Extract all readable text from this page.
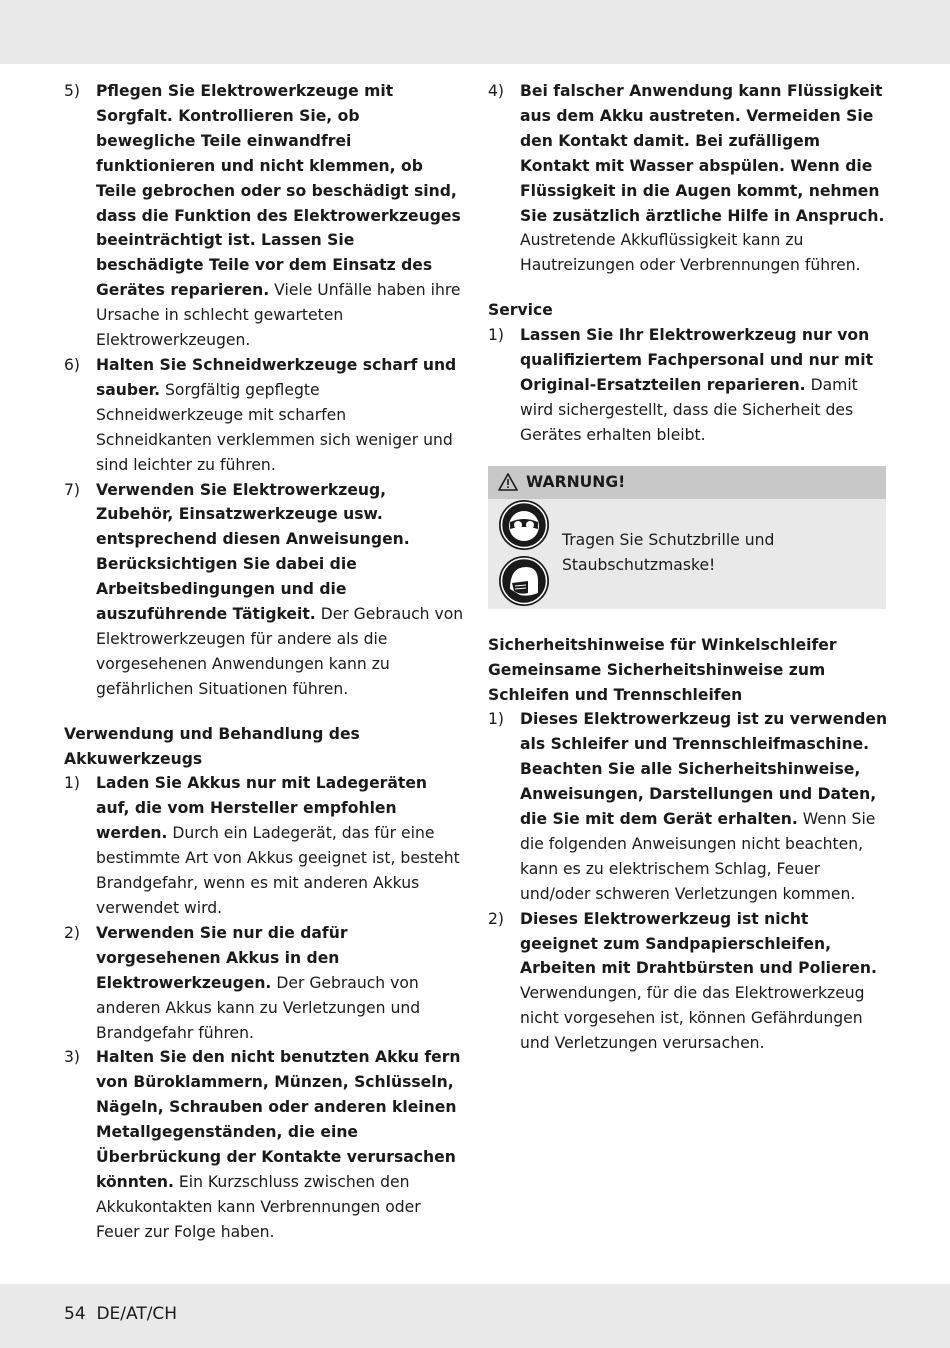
5)	Pflegen Sie Elektrowerkzeuge mit Sorgfalt. Kontrollieren Sie, ob bewegliche Teile einwandfrei funktionieren und nicht klemmen, ob Teile gebrochen oder so beschädigt sind, dass die Funktion des Elektrowerkzeuges beeinträchtigt ist. Lassen Sie beschädigte Teile vor dem Einsatz des Gerätes reparieren. Viele Unfälle haben ihre Ursache in schlecht gewarteten Elektrowerkzeugen.
6)	Halten Sie Schneidwerkzeuge scharf und sauber. Sorgfältig gepflegte Schneidwerkzeuge mit scharfen Schneidkanten verklemmen sich weniger und sind leichter zu führen.
7)	Verwenden Sie Elektrowerkzeug, Zubehör, Einsatzwerkzeuge usw. entsprechend diesen Anweisungen. Berücksichtigen Sie dabei die Arbeitsbedingungen und die auszuführende Tätigkeit. Der Gebrauch von Elektrowerkzeugen für andere als die vorgesehenen Anwendungen kann zu gefährlichen Situationen führen.
Verwendung und Behandlung des Akkuwerkzeugs
1)	Laden Sie Akkus nur mit Ladegeräten auf, die vom Hersteller empfohlen werden. Durch ein Ladegerät, das für eine bestimmte Art von Akkus geeignet ist, besteht Brandgefahr, wenn es mit anderen Akkus verwendet wird.
2)	Verwenden Sie nur die dafür vorgesehenen Akkus in den Elektrowerkzeugen. Der Gebrauch von anderen Akkus kann zu Verletzungen und Brandgefahr führen.
3)	Halten Sie den nicht benutzten Akku fern von Büroklammern, Münzen, Schlüsseln, Nägeln, Schrauben oder anderen kleinen Metallgegenständen, die eine Überbrückung der Kontakte verursachen könnten. Ein Kurzschluss zwischen den Akkukontakten kann Verbrennungen oder Feuer zur Folge haben.
4)	Bei falscher Anwendung kann Flüssigkeit aus dem Akku austreten. Vermeiden Sie den Kontakt damit. Bei zufälligem Kontakt mit Wasser abspülen. Wenn die Flüssigkeit in die Augen kommt, nehmen Sie zusätzlich ärztliche Hilfe in Anspruch. Austretende Akkuflüssigkeit kann zu Hautreizungen oder Verbrennungen führen.
Service
1)	Lassen Sie Ihr Elektrowerkzeug nur von qualifiziertem Fachpersonal und nur mit Original-Ersatzteilen reparieren. Damit wird sichergestellt, dass die Sicherheit des Gerätes erhalten bleibt.
WARNUNG!
Tragen Sie Schutzbrille und Staubschutzmaske!
Sicherheitshinweise für Winkelschleifer
Gemeinsame Sicherheitshinweise zum Schleifen und Trennschleifen
1)	Dieses Elektrowerkzeug ist zu verwenden als Schleifer und Trennschleifmaschine. Beachten Sie alle Sicherheitshinweise, Anweisungen, Darstellungen und Daten, die Sie mit dem Gerät erhalten. Wenn Sie die folgenden Anweisungen nicht beachten, kann es zu elektrischem Schlag, Feuer und/oder schweren Verletzungen kommen.
2)	Dieses Elektrowerkzeug ist nicht geeignet zum Sandpapierschleifen, Arbeiten mit Drahtbürsten und Polieren. Verwendungen, für die das Elektrowerkzeug nicht vorgesehen ist, können Gefährdungen und Verletzungen verursachen.
54 DE/AT/CH
